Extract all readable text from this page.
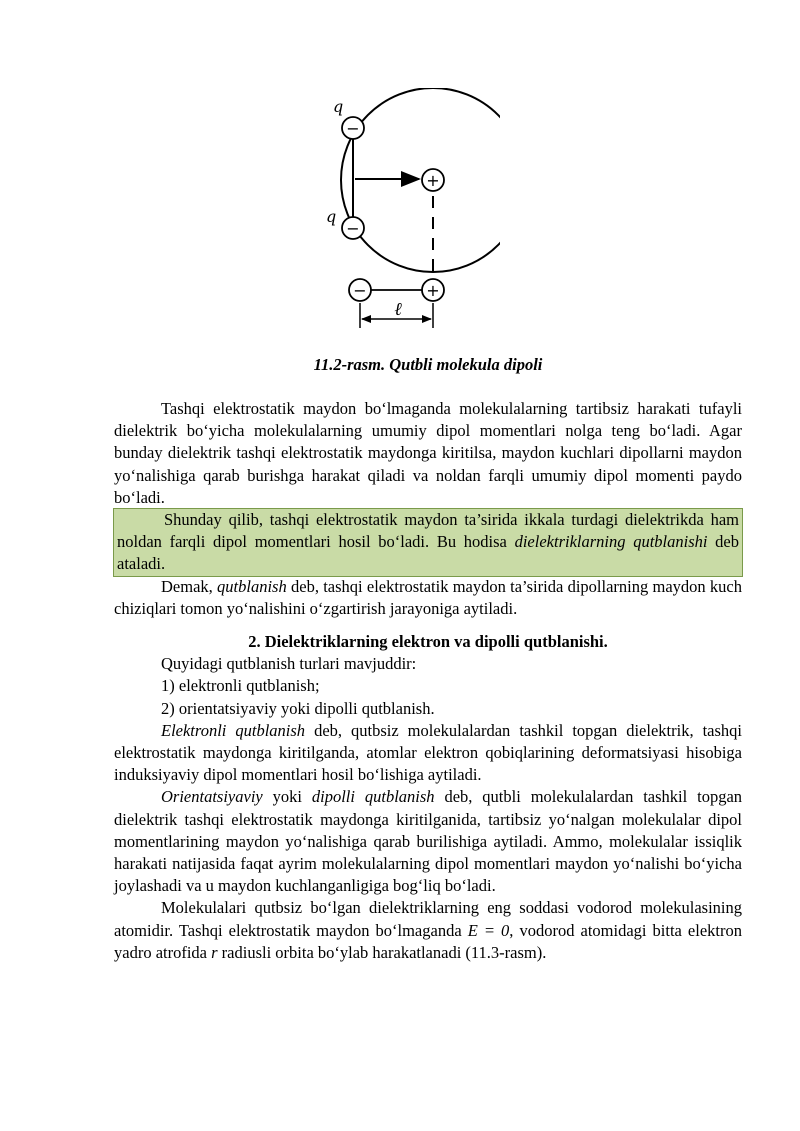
−
−
+
q
q
−	+
ℓ
11.2-rasm. Qutbli molekula dipoli

Tashqi elektrostatik maydon bo‘lmaganda molekulalarning tartibsiz harakati tufayli dielektrik bo‘yicha molekulalarning umumiy dipol momentlari nolga teng bo‘ladi. Agar bunday dielektrik tashqi elektrostatik maydonga kiritilsa, maydon kuchlari dipollarni maydon yo‘nalishiga qarab burishga harakat qiladi va noldan farqli umumiy dipol momenti paydo bo‘ladi.

Shunday qilib, tashqi elektrostatik maydon ta’sirida ikkala turdagi dielektrikda ham noldan farqli dipol momentlari hosil bo‘ladi. Bu hodisa dielektriklarning qutblanishi deb ataladi.

Demak, qutblanish deb, tashqi elektrostatik maydon ta’sirida dipollarning maydon kuch chiziqlari tomon yo‘nalishini o‘zgartirish jarayoniga aytiladi.

2. Dielektriklarning elektron va dipolli qutblanishi.

Quyidagi qutblanish turlari mavjuddir:

1) elektronli qutblanish;

2) orientatsiyaviy yoki dipolli qutblanish.

Elektronli qutblanish deb, qutbsiz molekulalardan tashkil topgan dielektrik, tashqi elektrostatik maydonga kiritilganda, atomlar elektron qobiqlarining deformatsiyasi hisobiga induksiyaviy dipol momentlari hosil bo‘lishiga aytiladi.

Orientatsiyaviy yoki dipolli qutblanish deb, qutbli molekulalardan tashkil topgan dielektrik tashqi elektrostatik maydonga kiritilganida, tartibsiz yo‘nalgan molekulalar dipol momentlarining maydon yo‘nalishiga qarab burilishiga aytiladi. Ammo, molekulalar issiqlik harakati natijasida faqat ayrim molekulalarning dipol momentlari maydon yo‘nalishi bo‘yicha joylashadi va u maydon kuchlanganligiga bog‘liq bo‘ladi.

Molekulalari qutbsiz bo‘lgan dielektriklarning eng soddasi vodorod molekulasining atomidir. Tashqi elektrostatik maydon bo‘lmaganda E = 0, vodorod atomidagi bitta elektron yadro atrofida r radiusli orbita bo‘ylab harakatlanadi (11.3-rasm).
